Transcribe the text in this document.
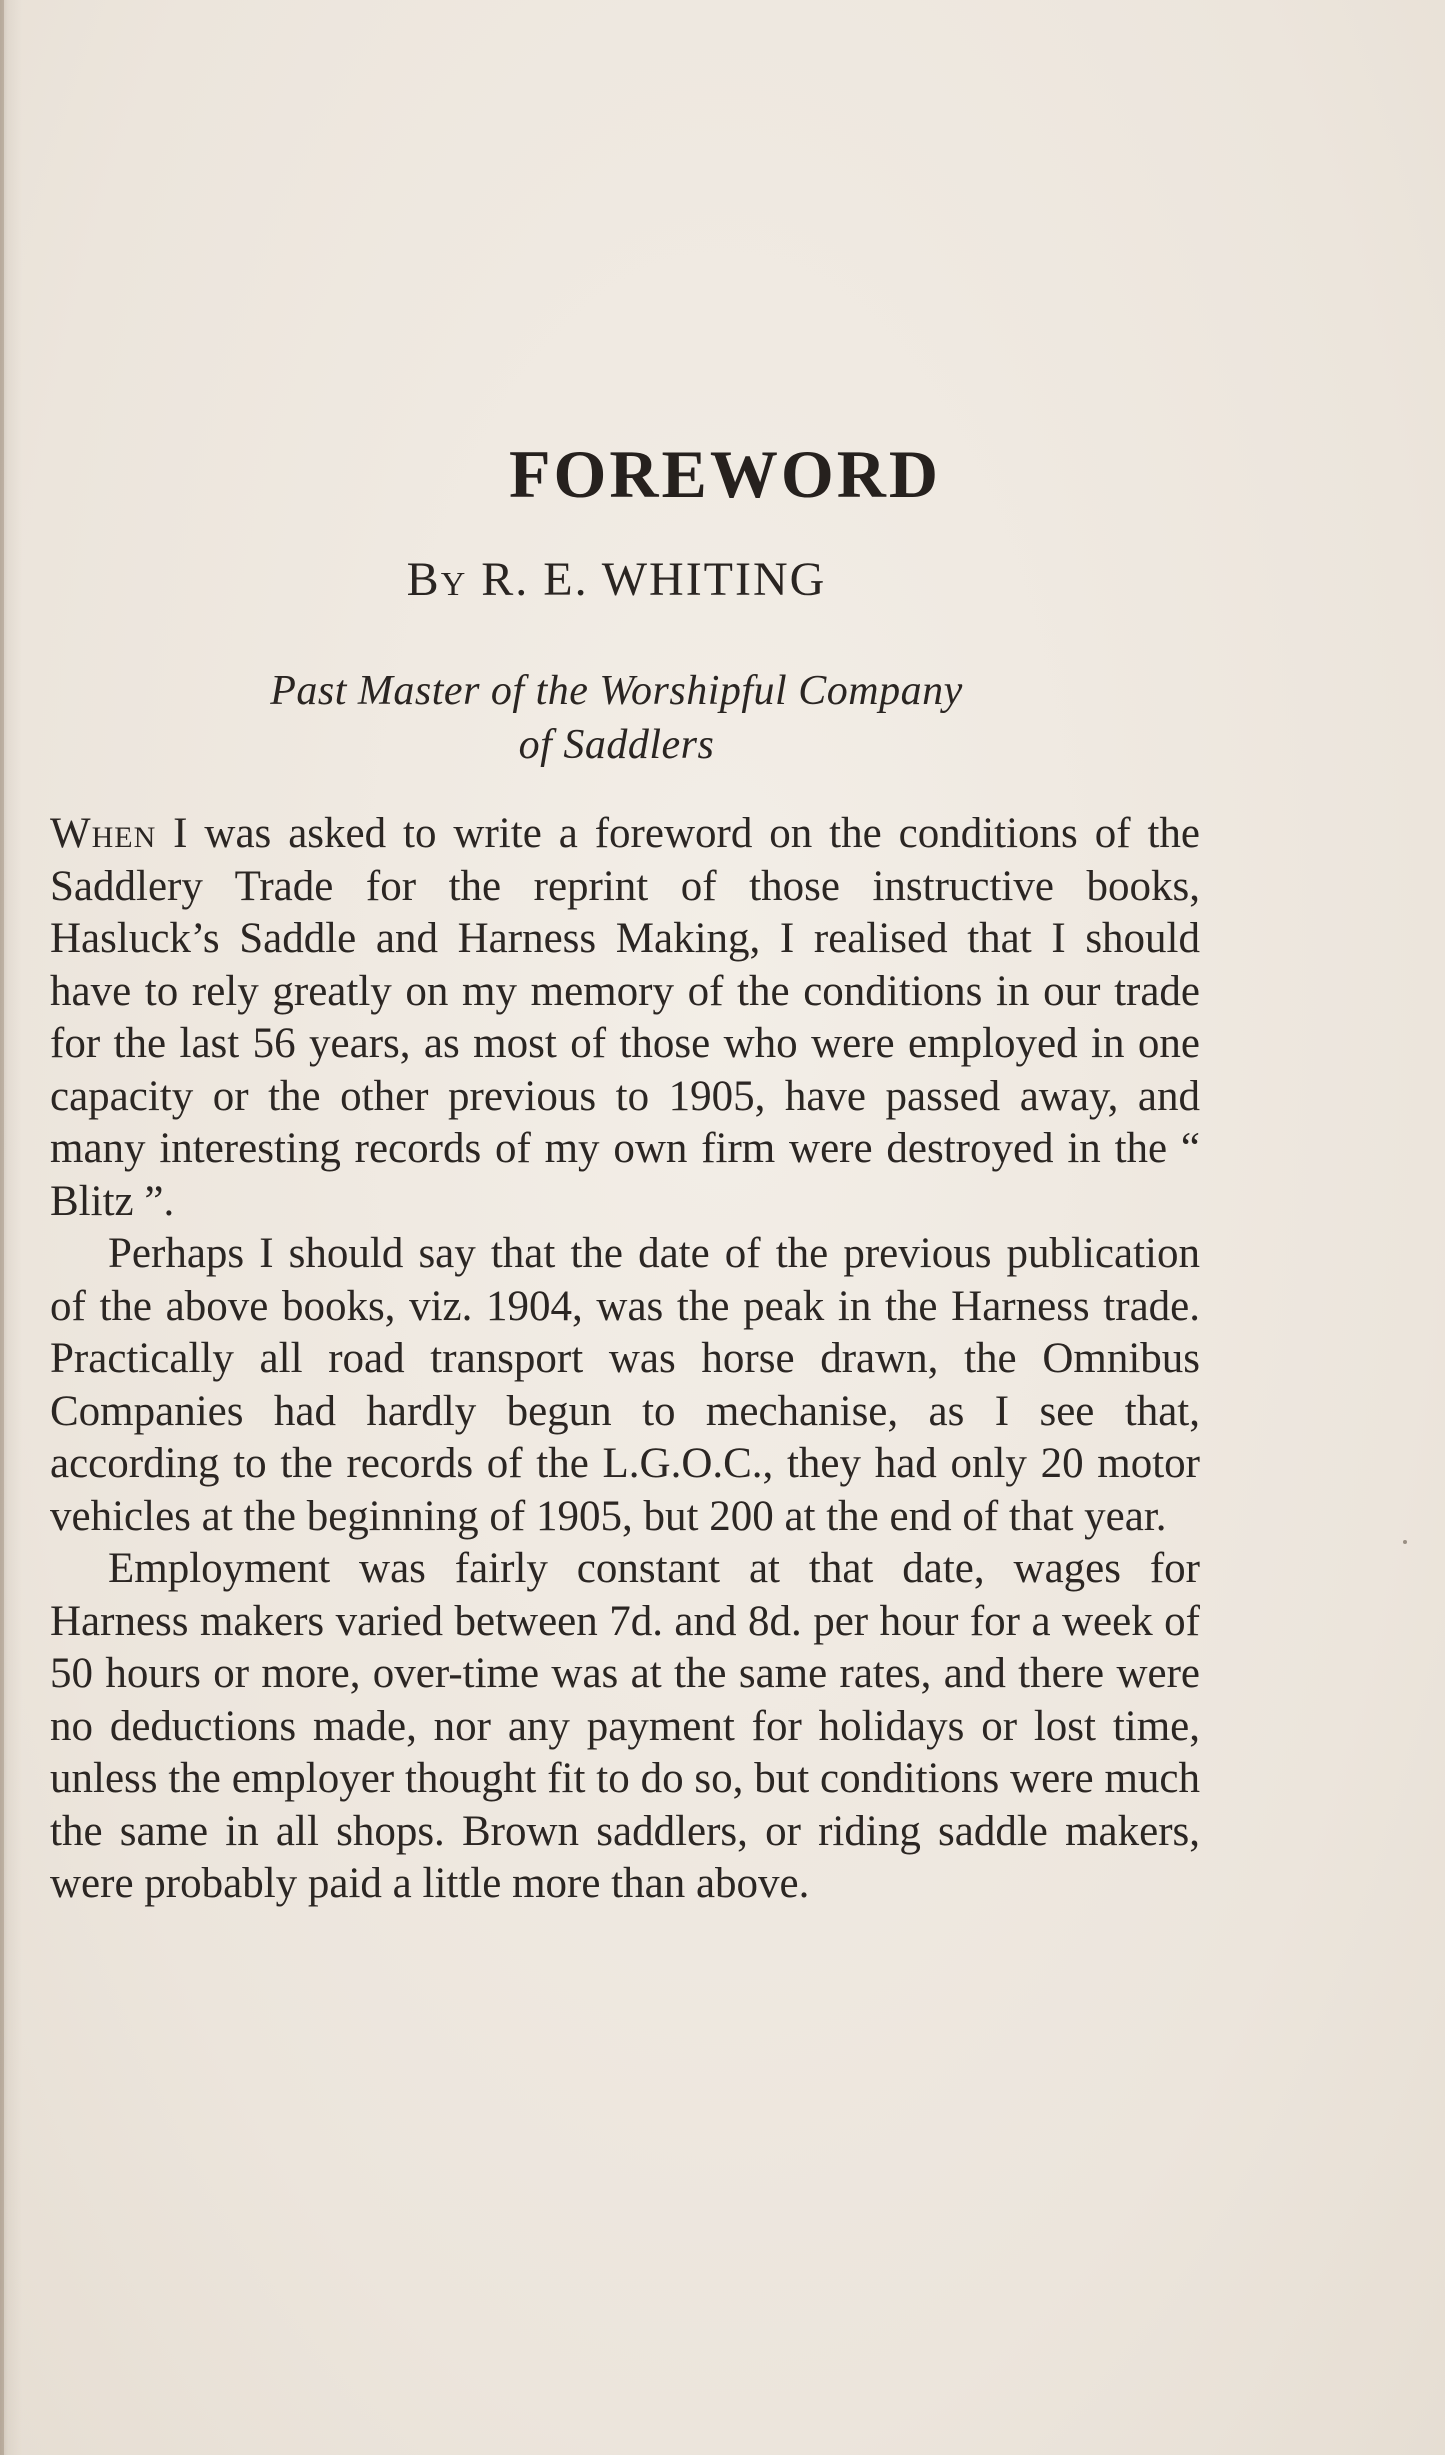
FOREWORD
By R. E. WHITING
Past Master of the Worshipful Company
of Saddlers

When I was asked to write a foreword on the conditions of the Saddlery Trade for the reprint of those instructive books, Hasluck’s Saddle and Harness Making, I realised that I should have to rely greatly on my memory of the conditions in our trade for the last 56 years, as most of those who were employed in one capacity or the other previous to 1905, have passed away, and many interesting records of my own firm were destroyed in the “ Blitz ”.

Perhaps I should say that the date of the previous publication of the above books, viz. 1904, was the peak in the Harness trade. Practically all road transport was horse drawn, the Omnibus Companies had hardly begun to mechanise, as I see that, according to the records of the L.G.O.C., they had only 20 motor vehicles at the beginning of 1905, but 200 at the end of that year.

Employment was fairly constant at that date, wages for Harness makers varied between 7d. and 8d. per hour for a week of 50 hours or more, over-time was at the same rates, and there were no deductions made, nor any payment for holidays or lost time, unless the employer thought fit to do so, but conditions were much the same in all shops. Brown saddlers, or riding saddle makers, were probably paid a little more than above.
